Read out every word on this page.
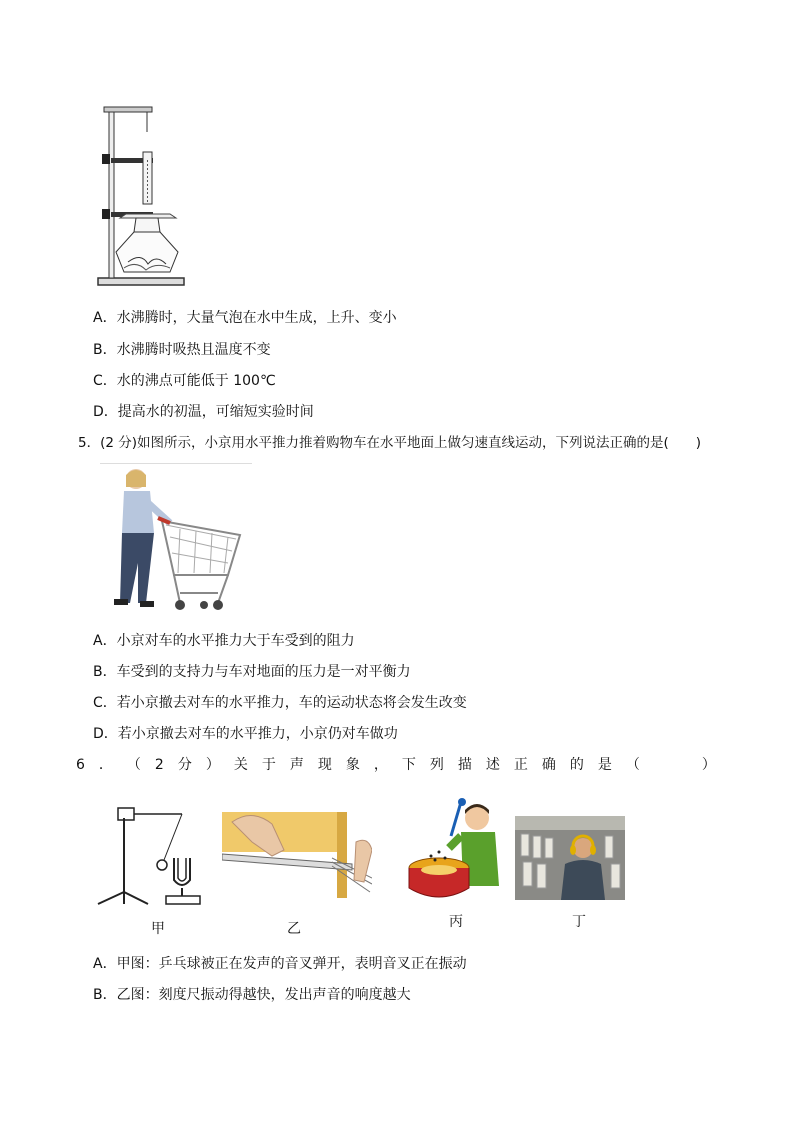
A．水沸腾时，大量气泡在水中生成，上升、变小
B．水沸腾时吸热且温度不变
C．水的沸点可能低于 100℃
D．提高水的初温，可缩短实验时间
5．(2 分)如图所示，小京用水平推力推着购物车在水平地面上做匀速直线运动，下列说法正确的是(　　)
A．小京对车的水平推力大于车受到的阻力
B．车受到的支持力与车对地面的压力是一对平衡力
C．若小京撤去对车的水平推力，车的运动状态将会发生改变
D．若小京撤去对车的水平推力，小京仍对车做功
6 ． （ 2 分 ） 关 于 声 现 象 ， 下 列 描 述 正 确 的 是 （	）
甲	乙	丙	丁
A．甲图：乒乓球被正在发声的音叉弹开，表明音叉正在振动
B．乙图：刻度尺振动得越快，发出声音的响度越大
